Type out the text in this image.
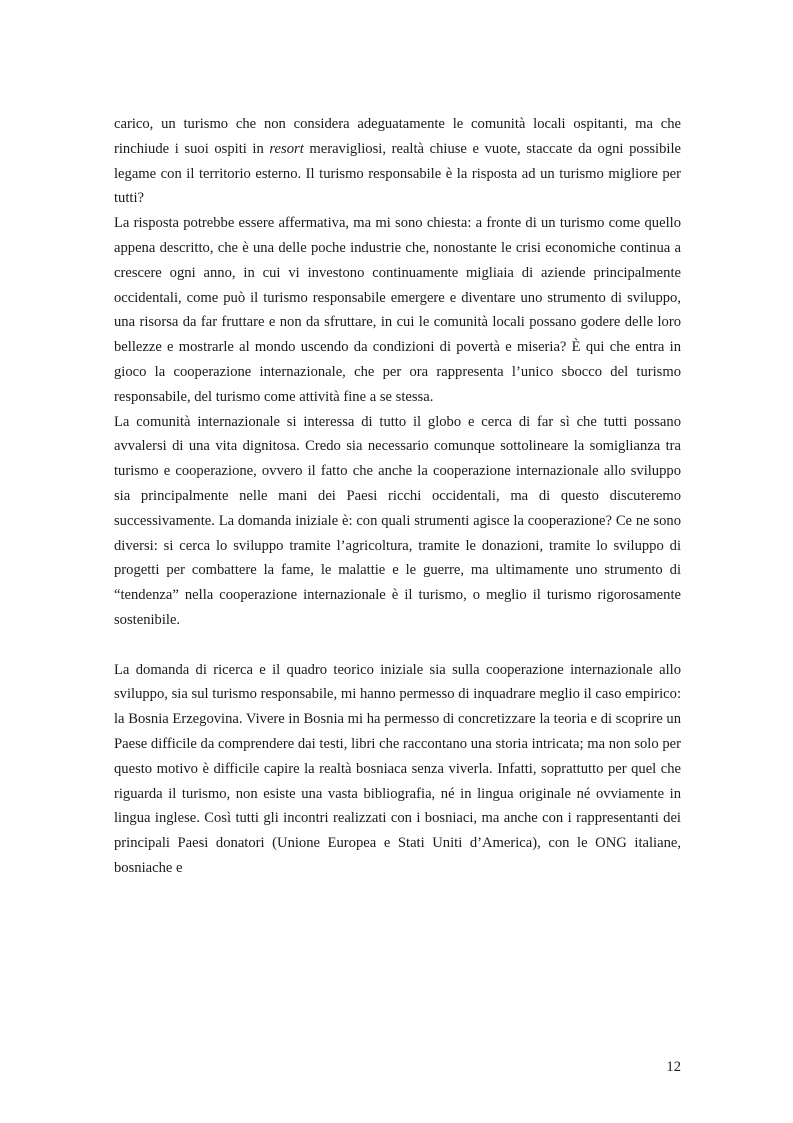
carico, un turismo che non considera adeguatamente le comunità locali ospitanti, ma che rinchiude i suoi ospiti in resort meravigliosi, realtà chiuse e vuote, staccate da ogni possibile legame con il territorio esterno. Il turismo responsabile è la risposta ad un turismo migliore per tutti?

La risposta potrebbe essere affermativa, ma mi sono chiesta: a fronte di un turismo come quello appena descritto, che è una delle poche industrie che, nonostante le crisi economiche continua a crescere ogni anno, in cui vi investono continuamente migliaia di aziende principalmente occidentali, come può il turismo responsabile emergere e diventare uno strumento di sviluppo, una risorsa da far fruttare e non da sfruttare, in cui le comunità locali possano godere delle loro bellezze e mostrarle al mondo uscendo da condizioni di povertà e miseria? È qui che entra in gioco la cooperazione internazionale, che per ora rappresenta l’unico sbocco del turismo responsabile, del turismo come attività fine a se stessa.

La comunità internazionale si interessa di tutto il globo e cerca di far sì che tutti possano avvalersi di una vita dignitosa. Credo sia necessario comunque sottolineare la somiglianza tra turismo e cooperazione, ovvero il fatto che anche la cooperazione internazionale allo sviluppo sia principalmente nelle mani dei Paesi ricchi occidentali, ma di questo discuteremo successivamente. La domanda iniziale è: con quali strumenti agisce la cooperazione? Ce ne sono diversi: si cerca lo sviluppo tramite l’agricoltura, tramite le donazioni, tramite lo sviluppo di progetti per combattere la fame, le malattie e le guerre, ma ultimamente uno strumento di “tendenza” nella cooperazione internazionale è il turismo, o meglio il turismo rigorosamente sostenibile.

La domanda di ricerca e il quadro teorico iniziale sia sulla cooperazione internazionale allo sviluppo, sia sul turismo responsabile, mi hanno permesso di inquadrare meglio il caso empirico: la Bosnia Erzegovina. Vivere in Bosnia mi ha permesso di concretizzare la teoria e di scoprire un Paese difficile da comprendere dai testi, libri che raccontano una storia intricata; ma non solo per questo motivo è difficile capire la realtà bosniaca senza viverla. Infatti, soprattutto per quel che riguarda il turismo, non esiste una vasta bibliografia, né in lingua originale né ovviamente in lingua inglese. Così tutti gli incontri realizzati con i bosniaci, ma anche con i rappresentanti dei principali Paesi donatori (Unione Europea e Stati Uniti d’America), con le ONG italiane, bosniache e

12
